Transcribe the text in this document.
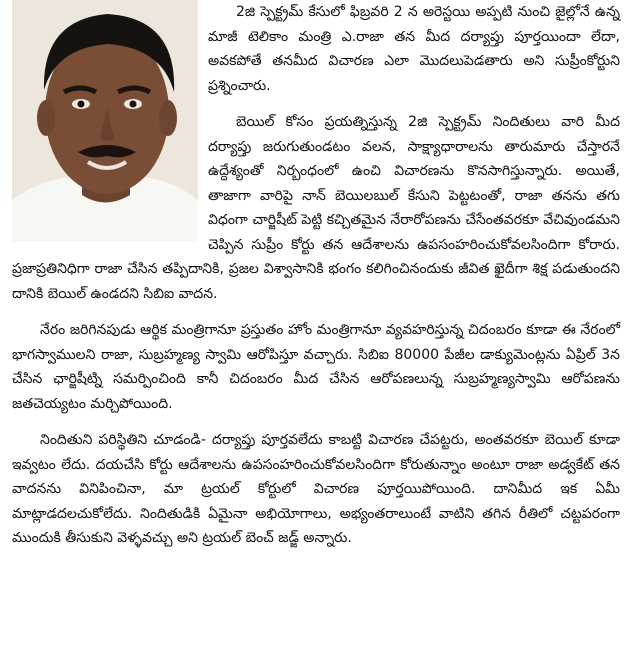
2జి స్పెక్ట్రమ్ కేసులో ఫిబ్రవరి 2 న అరెస్టయి అప్పటి నుంచి జైల్లోనే ఉన్న మాజీ టెలికాం మంత్రి ఎ.రాజా తన మీద దర్యాప్తు పూర్తయిందా లేదా, అవకపోతే తనమీద విచారణ ఎలా మొదలుపెడతారు అని సుప్రీంకోర్టుని ప్రశ్నించారు.

బెయిల్ కోసం ప్రయత్నిస్తున్న 2జి స్పెక్ట్రమ్ నిందితులు వారి మీద దర్యాప్తు జరుగుతుండటం వలన, సాక్ష్యాధారాలను తారుమారు చేస్తారనే ఉద్దేశ్యంతో నిర్బంధంలో ఉంచి విచారణను కొనసాగిస్తున్నారు. అయితే, తాజాగా వారిపై నాన్ బెయిలబుల్ కేసుని పెట్టటంతో, రాజా తనను తగు విధంగా చార్జిషీట్ పెట్టి కచ్చితమైన నేరారోపణను చేసేంతవరకూ వేచివుండమని చెప్పిన సుప్రీం కోర్టు తన ఆదేశాలను ఉపసంహరించుకోవలసిందిగా కోరారు. ప్రజాప్రతినిధిగా రాజా చేసిన తప్పిదానికి, ప్రజల విశ్వాసానికి భంగం కలిగించినందుకు జీవిత ఖైదీగా శిక్ష పడుతుందని దానికి బెయిల్ ఉండదని సిబిఐ వాదన.

నేరం జరిగినపుడు ఆర్థిక మంత్రిగానూ ప్రస్తుతం హోం మంత్రిగానూ వ్యవహరిస్తున్న చిదంబరం కూడా ఈ నేరంలో భాగస్వాములని రాజా, సుబ్రహ్మణ్య స్వామి ఆరోపిస్తూ వచ్చారు. సిబిఐ 80000 పేజీల డాక్యుమెంట్లను ఏప్రిల్ 3న చేసిన ఛార్జిషీట్ని సమర్పించింది కానీ చిదంబరం మీద చేసిన ఆరోపణలున్న సుబ్రహ్మణ్యస్వామి ఆరోపణను జతచెయ్యటం మర్చిపోయింది.

నిందితుని పరిస్థితిని చూడండి- దర్యాప్తు పూర్తవలేదు కాబట్టి విచారణ చేపట్టరు, అంతవరకూ బెయిల్ కూడా ఇవ్వటం లేదు. దయచేసి కోర్టు ఆదేశాలను ఉపసంహరించుకోవలసిందిగా కోరుతున్నాం అంటూ రాజా అడ్వకేట్ తన వాదనను వినిపించినా, మా ట్రయల్ కోర్టులో విచారణ పూర్తయిపోయింది. దానిమీద ఇక ఏమీ మాట్లాడదలచుకోలేదు. నిందితుడికి ఏమైనా అభియోగాలు, అభ్యంతరాలుంటే వాటిని తగిన రీతిలో చట్టపరంగా ముందుకి తీసుకుని వెళ్ళవచ్చు అని ట్రయల్ బెంచ్ జడ్జ్ అన్నారు.
